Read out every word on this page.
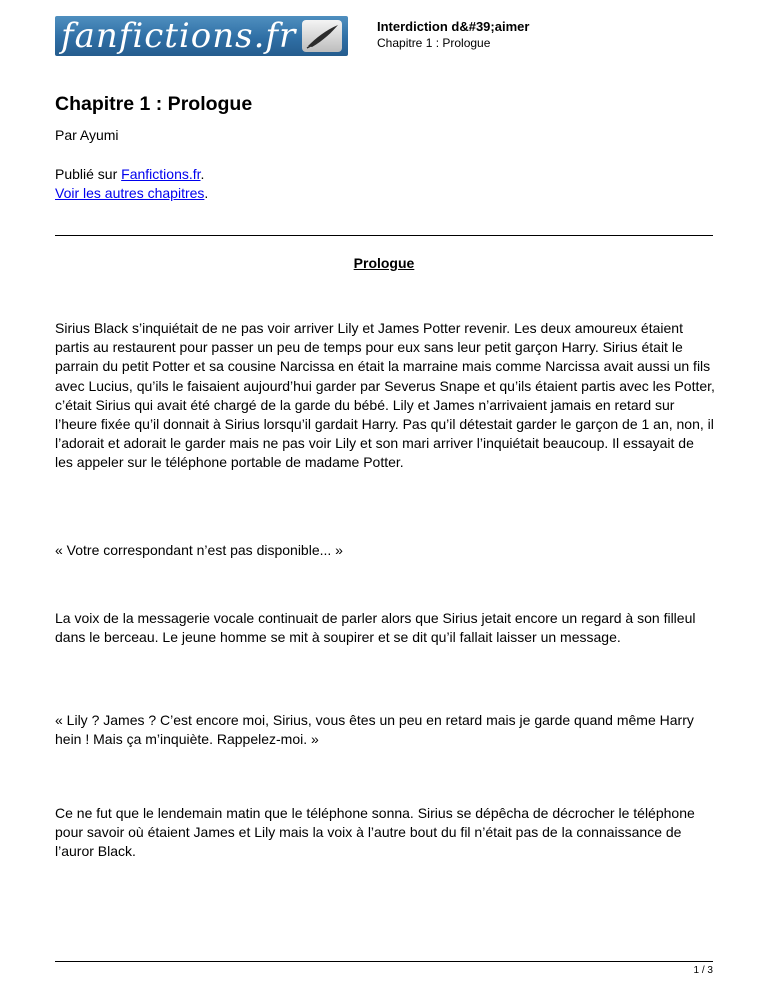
fanfictions.fr	Interdiction d&#39;aimer
Chapitre 1 : Prologue
Chapitre 1 : Prologue
Par Ayumi
Publié sur Fanfictions.fr.
Voir les autres chapitres.
Prologue

Sirius Black s’inquiétait de ne pas voir arriver Lily et James Potter revenir. Les deux amoureux étaient partis au restaurent pour passer un peu de temps pour eux sans leur petit garçon Harry. Sirius était le parrain du petit Potter et sa cousine Narcissa en était la marraine mais comme Narcissa avait aussi un fils avec Lucius, qu’ils le faisaient aujourd’hui garder par Severus Snape et qu’ils étaient partis avec les Potter, c’était Sirius qui avait été chargé de la garde du bébé. Lily et James n’arrivaient jamais en retard sur l’heure fixée qu’il donnait à Sirius lorsqu’il gardait Harry. Pas qu’il détestait garder le garçon de 1 an, non, il l’adorait et adorait le garder mais ne pas voir Lily et son mari arriver l’inquiétait beaucoup. Il essayait de les appeler sur le téléphone portable de madame Potter.

« Votre correspondant n’est pas disponible... »

La voix de la messagerie vocale continuait de parler alors que Sirius jetait encore un regard à son filleul dans le berceau. Le jeune homme se mit à soupirer et se dit qu’il fallait laisser un message.

« Lily ? James ? C’est encore moi, Sirius, vous êtes un peu en retard mais je garde quand même Harry hein ! Mais ça m’inquiète. Rappelez-moi. »

Ce ne fut que le lendemain matin que le téléphone sonna. Sirius se dépêcha de décrocher le téléphone pour savoir où étaient James et Lily mais la voix à l’autre bout du fil n’était pas de la connaissance de l’auror Black.

1 / 3
